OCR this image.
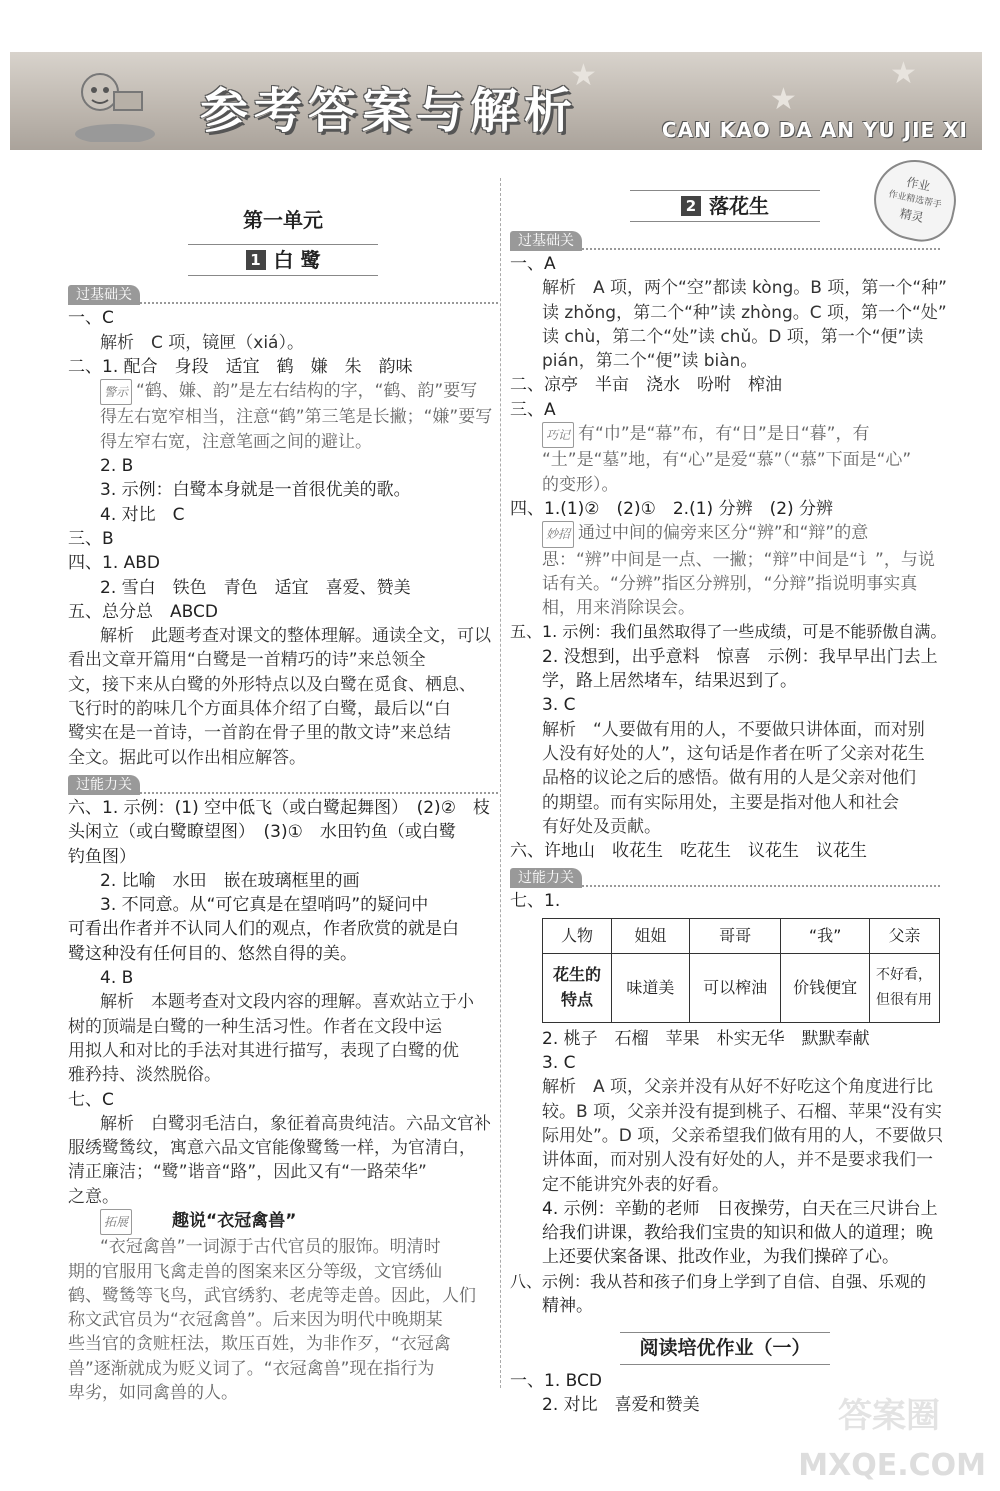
★
★
★
参考答案与解析	CAN KAO DA AN YU JIE XI
作业
作业精选帮手
精灵
第一单元
1 白 鹭
过基础关
一、C
解析　C 项，镜匣（xiá）。
二、1. 配合　身段　适宜　鹤　嫌　朱　韵味
警示 “鹤、嫌、韵”是左右结构的字，“鹤、韵”要写
得左右宽窄相当，注意“鹤”第三笔是长撇；“嫌”要写
得左窄右宽，注意笔画之间的避让。
2. B
3. 示例：白鹭本身就是一首很优美的歌。
4. 对比　C
三、B
四、1. ABD
2. 雪白　铁色　青色　适宜　喜爱、赞美
五、总分总　ABCD
解析　此题考查对课文的整体理解。通读全文，可以
看出文章开篇用“白鹭是一首精巧的诗”来总领全
文，接下来从白鹭的外形特点以及白鹭在觅食、栖息、
飞行时的韵味几个方面具体介绍了白鹭，最后以“白
鹭实在是一首诗，一首韵在骨子里的散文诗”来总结
全文。据此可以作出相应解答。
过能力关
六、1. 示例：(1) 空中低飞（或白鹭起舞图）　(2)②　枝
头闲立（或白鹭瞭望图）　(3)①　水田钓鱼（或白鹭
钓鱼图）
2. 比喻　水田　嵌在玻璃框里的画
3. 不同意。从“可它真是在望哨吗”的疑问中
可看出作者并不认同人们的观点，作者欣赏的就是白
鹭这种没有任何目的、悠然自得的美。
4. B
解析　本题考查对文段内容的理解。喜欢站立于小
树的顶端是白鹭的一种生活习性。作者在文段中运
用拟人和对比的手法对其进行描写，表现了白鹭的优
雅矜持、淡然脱俗。
七、C
解析　白鹭羽毛洁白，象征着高贵纯洁。六品文官补
服绣鹭鸶纹，寓意六品文官能像鹭鸶一样，为官清白，
清正廉洁；“鹭”谐音“路”，因此又有“一路荣华”
之意。
拓展	趣说“衣冠禽兽”
“衣冠禽兽”一词源于古代官员的服饰。明清时
期的官服用飞禽走兽的图案来区分等级，文官绣仙
鹤、鹭鸶等飞鸟，武官绣豹、老虎等走兽。因此，人们
称文武官员为“衣冠禽兽”。后来因为明代中晚期某
些当官的贪赃枉法，欺压百姓，为非作歹，“衣冠禽
兽”逐渐就成为贬义词了。“衣冠禽兽”现在指行为
卑劣，如同禽兽的人。
2 落花生
过基础关
一、A
解析　A 项，两个“空”都读 kòng。B 项，第一个“种”
读 zhǒng，第二个“种”读 zhòng。C 项，第一个“处”
读 chù，第二个“处”读 chǔ。D 项，第一个“便”读
pián，第二个“便”读 biàn。
二、凉亭　半亩　浇水　吩咐　榨油
三、A
巧记 有“巾”是“幕”布，有“日”是日“暮”，有
“土”是“墓”地，有“心”是爱“慕”（“慕”下面是“心”
的变形）。
四、1.(1)②　(2)①　2.(1) 分辨　(2) 分辨
妙招 通过中间的偏旁来区分“辨”和“辩”的意
思：“辨”中间是一点、一撇；“辩”中间是“讠”，与说
话有关。“分辨”指区分辨别，“分辩”指说明事实真
相，用来消除误会。
五、1. 示例：我们虽然取得了一些成绩，可是不能骄傲自满。
2. 没想到，出乎意料　惊喜　示例：我早早出门去上
学，路上居然堵车，结果迟到了。
3. C
解析　“人要做有用的人，不要做只讲体面，而对别
人没有好处的人”，这句话是作者在听了父亲对花生
品格的议论之后的感悟。做有用的人是父亲对他们
的期望。而有实际用处，主要是指对他人和社会
有好处及贡献。
六、许地山　收花生　吃花生　议花生　议花生
过能力关
七、1.
人物	姐姐	哥哥	“我”	父亲
花生的特点	味道美	可以榨油	价钱便宜	不好看，但很有用
2. 桃子　石榴　苹果　朴实无华　默默奉献
3. C
解析　A 项，父亲并没有从好不好吃这个角度进行比
较。B 项，父亲并没有提到桃子、石榴、苹果“没有实
际用处”。D 项，父亲希望我们做有用的人，不要做只
讲体面，而对别人没有好处的人，并不是要求我们一
定不能讲究外表的好看。
4. 示例：辛勤的老师　日夜操劳，白天在三尺讲台上
给我们讲课，教给我们宝贵的知识和做人的道理；晚
上还要伏案备课、批改作业，为我们操碎了心。
八、示例：我从苔和孩子们身上学到了自信、自强、乐观的
精神。
阅读培优作业（一）
一、1. BCD
2. 对比　喜爱和赞美	答案圈
MXQE.COM
